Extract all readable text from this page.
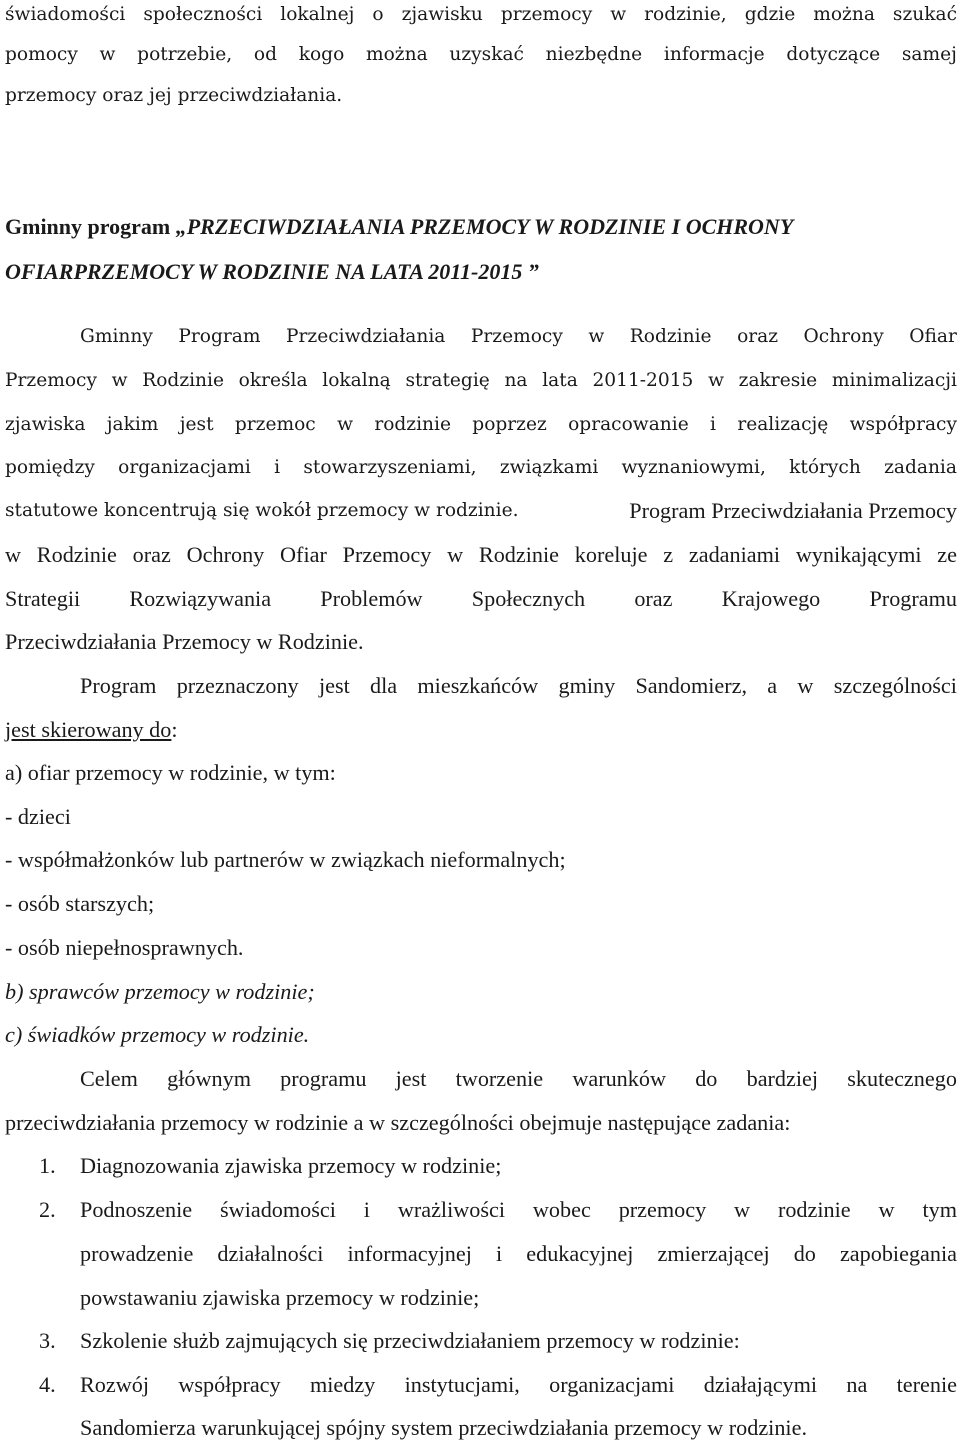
świadomości społeczności lokalnej o zjawisku przemocy w rodzinie, gdzie można szukać
pomocy w potrzebie, od kogo można uzyskać niezbędne informacje dotyczące samej
przemocy oraz jej przeciwdziałania.
Gminny program „PRZECIWDZIAŁANIA PRZEMOCY W RODZINIE I OCHRONY
OFIARPRZEMOCY W RODZINIE NA LATA 2011-2015 ”
Gminny Program Przeciwdziałania Przemocy w Rodzinie oraz Ochrony Ofiar
Przemocy w Rodzinie określa lokalną strategię na lata 2011-2015 w zakresie minimalizacji
zjawiska jakim jest przemoc w rodzinie poprzez opracowanie i realizację współpracy
pomiędzy organizacjami i stowarzyszeniami, związkami wyznaniowymi, których zadania
statutowe koncentrują się wokół przemocy w rodzinie.	Program Przeciwdziałania Przemocy
w Rodzinie oraz Ochrony Ofiar Przemocy w Rodzinie koreluje z zadaniami wynikającymi ze
Strategii Rozwiązywania Problemów Społecznych oraz Krajowego Programu
Przeciwdziałania Przemocy w Rodzinie.
Program przeznaczony jest dla mieszkańców gminy Sandomierz, a w szczególności
jest skierowany do:
a) ofiar przemocy w rodzinie, w tym:
- dzieci
- współmałżonków lub partnerów w związkach nieformalnych;
- osób starszych;
- osób niepełnosprawnych.
b) sprawców przemocy w rodzinie;
c) świadków przemocy w rodzinie.
Celem głównym programu jest tworzenie warunków do bardziej skutecznego
przeciwdziałania przemocy w rodzinie a w szczególności obejmuje następujące zadania:
1. Diagnozowania zjawiska przemocy w rodzinie;
2. Podnoszenie świadomości i wrażliwości wobec przemocy w rodzinie w tym
prowadzenie działalności informacyjnej i edukacyjnej zmierzającej do zapobiegania
powstawaniu zjawiska przemocy w rodzinie;
3. Szkolenie służb zajmujących się przeciwdziałaniem przemocy w rodzinie:
4. Rozwój współpracy miedzy instytucjami, organizacjami działającymi na terenie
Sandomierza warunkującej spójny system przeciwdziałania przemocy w rodzinie.
